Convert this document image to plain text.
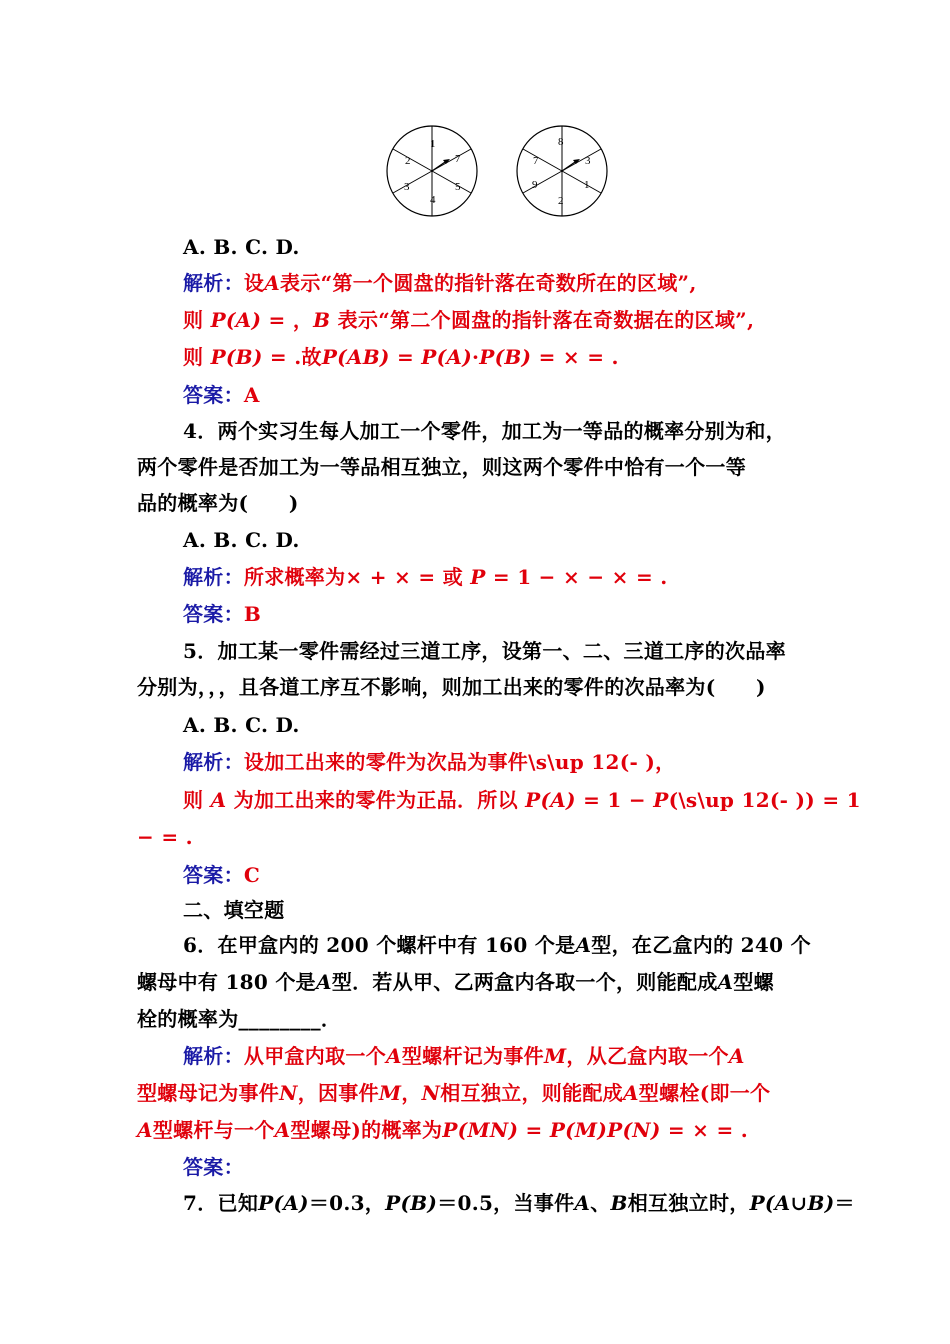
1
7
5
4
3
2
8
3
1
2
9
7
A. B. C. D.
解析：设A表示“第一个圆盘的指针落在奇数所在的区域”,
则 P(A) = ，B 表示“第二个圆盘的指针落在奇数据在的区域”,
则 P(B) = .故P(AB) = P(A)·P(B) = × = .
答案：A
4．两个实习生每人加工一个零件，加工为一等品的概率分别为和，
两个零件是否加工为一等品相互独立，则这两个零件中恰有一个一等
品的概率为(　　)
A. B. C. D.
解析：所求概率为× + × = 或 P = 1 − × − × = .
答案：B
5．加工某一零件需经过三道工序，设第一、二、三道工序的次品率
分别为，，，且各道工序互不影响，则加工出来的零件的次品率为(　　)
A. B. C. D.
解析：设加工出来的零件为次品为事件\s\up 12(- )，
则 A 为加工出来的零件为正品．所以 P(A) = 1 − P(\s\up 12(- )) = 1
− = .
答案：C
二、填空题
6．在甲盒内的 200 个螺杆中有 160 个是A型，在乙盒内的 240 个
螺母中有 180 个是A型．若从甲、乙两盒内各取一个，则能配成A型螺
栓的概率为________．
解析：从甲盒内取一个A型螺杆记为事件M，从乙盒内取一个A
型螺母记为事件N，因事件M，N相互独立，则能配成A型螺栓(即一个
A型螺杆与一个A型螺母)的概率为P(MN) = P(M)P(N) = × = .
答案：
7．已知P(A)＝0.3，P(B)＝0.5，当事件A、B相互独立时，P(A∪B)＝
